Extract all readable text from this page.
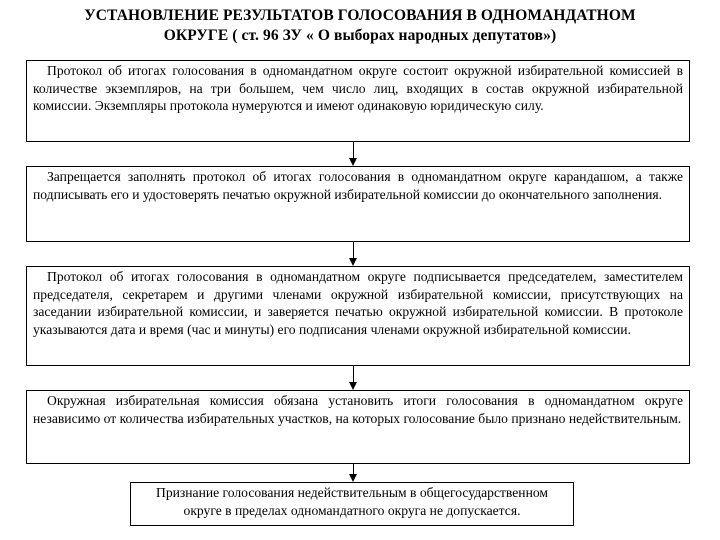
УСТАНОВЛЕНИЕ РЕЗУЛЬТАТОВ ГОЛОСОВАНИЯ В ОДНОМАНДАТНОМ
ОКРУГЕ ( ст. 96 ЗУ « О выборах народных депутатов»)
Протокол об итогах голосования в одномандатном округе состоит окружной избирательной комиссией в количестве экземпляров, на три большем, чем число лиц, входящих в состав окружной избирательной комиссии. Экземпляры протокола нумеруются и имеют одинаковую юридическую силу.
Запрещается заполнять протокол об итогах голосования в одномандатном округе карандашом, а также подписывать его и удостоверять печатью окружной избирательной комиссии до окончательного заполнения.
Протокол об итогах голосования в одномандатном округе подписывается председателем, заместителем председателя, секретарем и другими членами окружной избирательной комиссии, присутствующих на заседании избирательной комиссии, и заверяется печатью окружной избирательной комиссии. В протоколе указываются дата и время (час и минуты) его подписания членами окружной избирательной комиссии.
Окружная избирательная комиссия обязана установить итоги голосования в одномандатном округе независимо от количества избирательных участков, на которых голосование было признано недействительным.
Признание голосования недействительным в общегосударственном округе в пределах одномандатного округа не допускается.
